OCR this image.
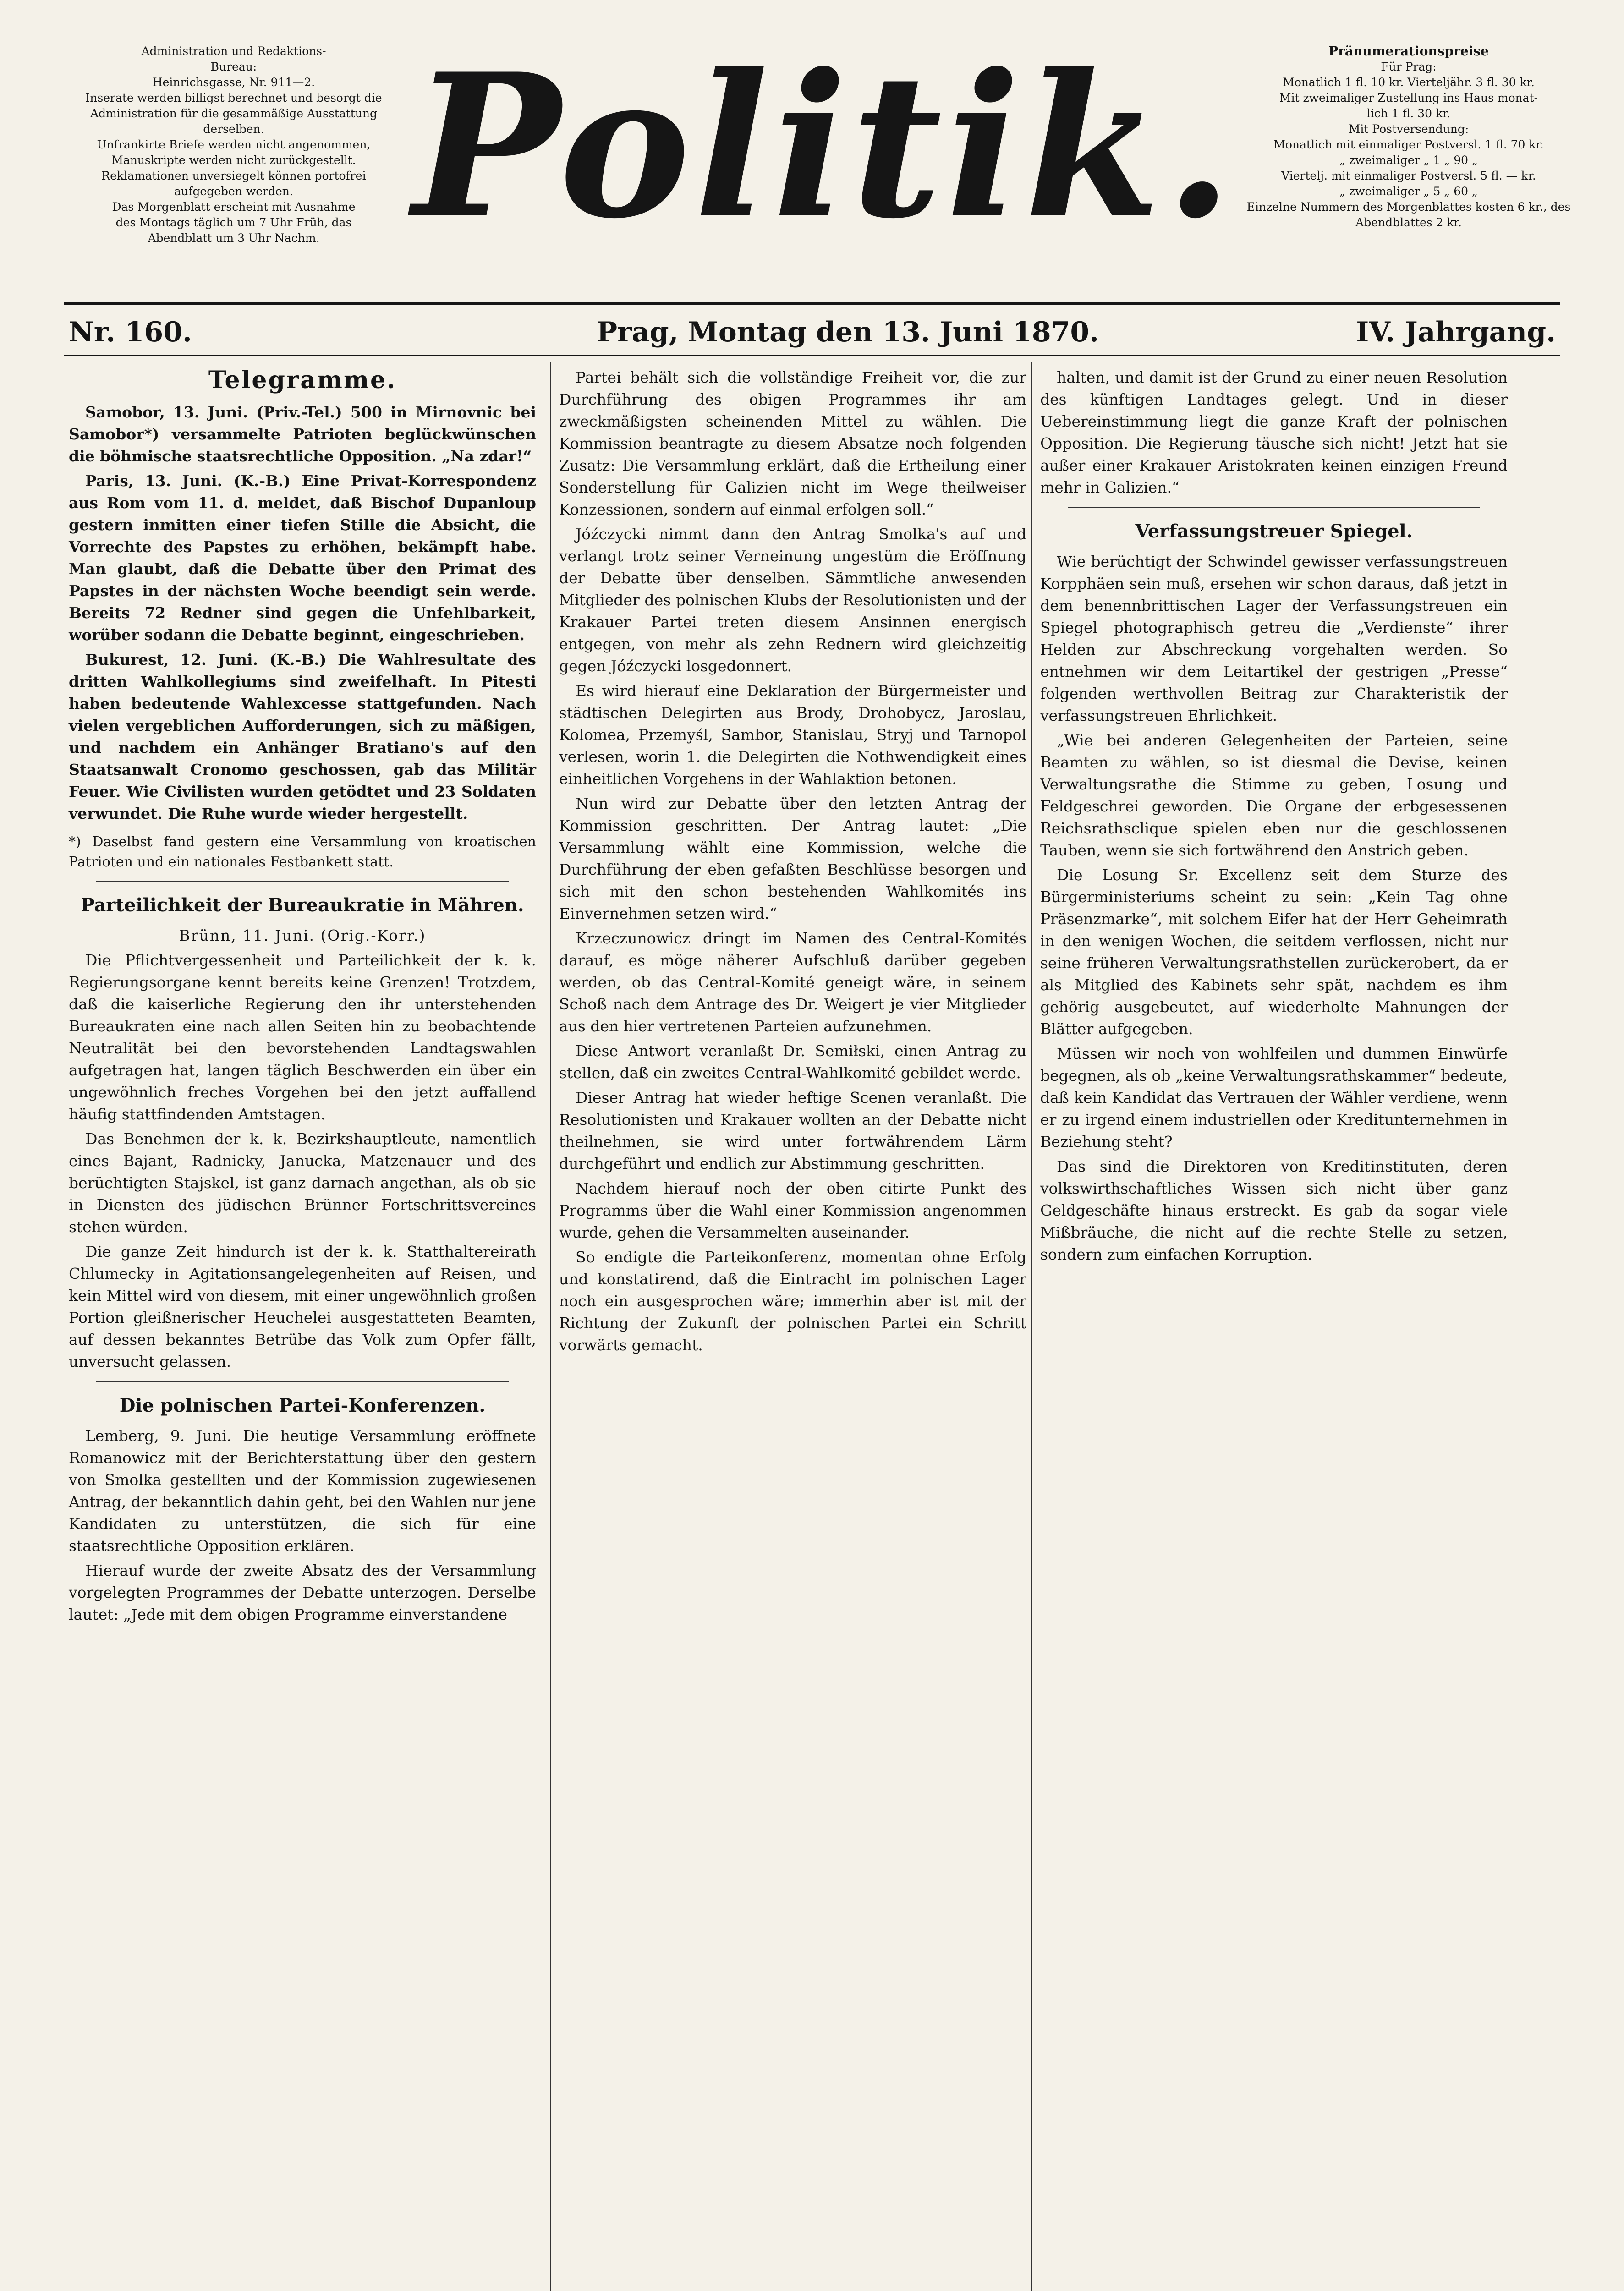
Administration und Redaktions-
Bureau:
Heinrichsgasse, Nr. 911—2.
Inserate werden billigst berechnet und besorgt die
Administration für die gesammäßige Ausstattung derselben.
Unfrankirte Briefe werden nicht angenommen,
Manuskripte werden nicht zurückgestellt.
Reklamationen unversiegelt können portofrei
aufgegeben werden.
Das Morgenblatt erscheint mit Ausnahme
des Montags täglich um 7 Uhr Früh, das
Abendblatt um 3 Uhr Nachm. Politik.	Pränumerationspreise
Für Prag:
Monatlich 1 fl. 10 kr. Vierteljähr. 3 fl. 30 kr.
Mit zweimaliger Zustellung ins Haus monat-
lich 1 fl. 30 kr.
Mit Postversendung:
Monatlich mit einmaliger Postversl. 1 fl. 70 kr.
„ zweimaliger „ 1 „ 90 „
Viertelj. mit einmaliger Postversl. 5 fl. — kr.
„ zweimaliger „ 5 „ 60 „
Einzelne Nummern des Morgenblattes kosten 6 kr., des Abendblattes 2 kr.
Nr. 160.	Prag, Montag den 13. Juni 1870.	IV. Jahrgang.
Telegramme.

Samobor, 13. Juni. (Priv.-Tel.) 500 in Mirnovnic bei Samobor*) versammelte Patrioten beglückwünschen die böhmische staatsrechtliche Opposition. „Na zdar!“

Paris, 13. Juni. (K.-B.) Eine Privat-Korrespondenz aus Rom vom 11. d. meldet, daß Bischof Dupanloup gestern inmitten einer tiefen Stille die Absicht, die Vorrechte des Papstes zu erhöhen, bekämpft habe. Man glaubt, daß die Debatte über den Primat des Papstes in der nächsten Woche beendigt sein werde. Bereits 72 Redner sind gegen die Unfehlbarkeit, worüber sodann die Debatte beginnt, eingeschrieben.

Bukurest, 12. Juni. (K.-B.) Die Wahlresultate des dritten Wahlkollegiums sind zweifelhaft. In Pitesti haben bedeutende Wahlexcesse stattgefunden. Nach vielen vergeblichen Aufforderungen, sich zu mäßigen, und nachdem ein Anhänger Bratiano's auf den Staatsanwalt Cronomo geschossen, gab das Militär Feuer. Wie Civilisten wurden getödtet und 23 Soldaten verwundet. Die Ruhe wurde wieder hergestellt.

*) Daselbst fand gestern eine Versammlung von kroatischen Patrioten und ein nationales Festbankett statt.
Parteilichkeit der Bureaukratie in Mähren.
Brünn, 11. Juni. (Orig.-Korr.)

Die Pflichtvergessenheit und Parteilichkeit der k. k. Regierungsorgane kennt bereits keine Grenzen! Trotzdem, daß die kaiserliche Regierung den ihr unterstehenden Bureaukraten eine nach allen Seiten hin zu beobachtende Neutralität bei den bevorstehenden Landtagswahlen aufgetragen hat, langen täglich Beschwerden ein über ein ungewöhnlich freches Vorgehen bei den jetzt auffallend häufig stattfindenden Amtstagen.

Das Benehmen der k. k. Bezirkshauptleute, namentlich eines Bajant, Radnicky, Janucka, Matzenauer und des berüchtigten Stajskel, ist ganz darnach angethan, als ob sie in Diensten des jüdischen Brünner Fortschrittsvereines stehen würden.

Die ganze Zeit hindurch ist der k. k. Statthaltereirath Chlumecky in Agitationsangelegenheiten auf Reisen, und kein Mittel wird von diesem, mit einer ungewöhnlich großen Portion gleißnerischer Heuchelei ausgestatteten Beamten, auf dessen bekanntes Betrübe das Volk zum Opfer fällt, unversucht gelassen.

Die polnischen Partei-Konferenzen.

Lemberg, 9. Juni. Die heutige Versammlung eröffnete Romanowicz mit der Berichterstattung über den gestern von Smolka gestellten und der Kommission zugewiesenen Antrag, der bekanntlich dahin geht, bei den Wahlen nur jene Kandidaten zu unterstützen, die sich für eine staatsrechtliche Opposition erklären.

Hierauf wurde der zweite Absatz des der Versammlung vorgelegten Programmes der Debatte unterzogen. Derselbe lautet: „Jede mit dem obigen Programme einverstandene

Partei behält sich die vollständige Freiheit vor, die zur Durchführung des obigen Programmes ihr am zweckmäßigsten scheinenden Mittel zu wählen. Die Kommission beantragte zu diesem Absatze noch folgenden Zusatz: Die Versammlung erklärt, daß die Ertheilung einer Sonderstellung für Galizien nicht im Wege theilweiser Konzessionen, sondern auf einmal erfolgen soll.“

Jóźczycki nimmt dann den Antrag Smolka's auf und verlangt trotz seiner Verneinung ungestüm die Eröffnung der Debatte über denselben. Sämmtliche anwesenden Mitglieder des polnischen Klubs der Resolutionisten und der Krakauer Partei treten diesem Ansinnen energisch entgegen, von mehr als zehn Rednern wird gleichzeitig gegen Jóźczycki losgedonnert.

Es wird hierauf eine Deklaration der Bürgermeister und städtischen Delegirten aus Brody, Drohobycz, Jaroslau, Kolomea, Przemyśl, Sambor, Stanislau, Stryj und Tarnopol verlesen, worin 1. die Delegirten die Nothwendigkeit eines einheitlichen Vorgehens in der Wahlaktion betonen.

Nun wird zur Debatte über den letzten Antrag der Kommission geschritten. Der Antrag lautet: „Die Versammlung wählt eine Kommission, welche die Durchführung der eben gefaßten Beschlüsse besorgen und sich mit den schon bestehenden Wahlkomités ins Einvernehmen setzen wird.“

Krzeczunowicz dringt im Namen des Central-Komités darauf, es möge näherer Aufschluß darüber gegeben werden, ob das Central-Komité geneigt wäre, in seinem Schoß nach dem Antrage des Dr. Weigert je vier Mitglieder aus den hier vertretenen Parteien aufzunehmen.

Diese Antwort veranlaßt Dr. Semiłski, einen Antrag zu stellen, daß ein zweites Central-Wahlkomité gebildet werde.

Dieser Antrag hat wieder heftige Scenen veranlaßt. Die Resolutionisten und Krakauer wollten an der Debatte nicht theilnehmen, sie wird unter fortwährendem Lärm durchgeführt und endlich zur Abstimmung geschritten.

Nachdem hierauf noch der oben citirte Punkt des Programms über die Wahl einer Kommission angenommen wurde, gehen die Versammelten auseinander.

So endigte die Parteikonferenz, momentan ohne Erfolg und konstatirend, daß die Eintracht im polnischen Lager noch ein ausgesprochen wäre; immerhin aber ist mit der Richtung der Zukunft der polnischen Partei ein Schritt vorwärts gemacht.

halten, und damit ist der Grund zu einer neuen Resolution des künftigen Landtages gelegt. Und in dieser Uebereinstimmung liegt die ganze Kraft der polnischen Opposition. Die Regierung täusche sich nicht! Jetzt hat sie außer einer Krakauer Aristokraten keinen einzigen Freund mehr in Galizien.“

Verfassungstreuer Spiegel.

Wie berüchtigt der Schwindel gewisser verfassungstreuen Korpphäen sein muß, ersehen wir schon daraus, daß jetzt in dem benennbrittischen Lager der Verfassungstreuen ein Spiegel photographisch getreu die „Verdienste“ ihrer Helden zur Abschreckung vorgehalten werden. So entnehmen wir dem Leitartikel der gestrigen „Presse“ folgenden werthvollen Beitrag zur Charakteristik der verfassungstreuen Ehrlichkeit.

„Wie bei anderen Gelegenheiten der Parteien, seine Beamten zu wählen, so ist diesmal die Devise, keinen Verwaltungsrathe die Stimme zu geben, Losung und Feldgeschrei geworden. Die Organe der erbgesessenen Reichsrathsclique spielen eben nur die geschlossenen Tauben, wenn sie sich fortwährend den Anstrich geben.

Die Losung Sr. Excellenz seit dem Sturze des Bürgerministeriums scheint zu sein: „Kein Tag ohne Präsenzmarke“, mit solchem Eifer hat der Herr Geheimrath in den wenigen Wochen, die seitdem verflossen, nicht nur seine früheren Verwaltungsrathstellen zurückerobert, da er als Mitglied des Kabinets sehr spät, nachdem es ihm gehörig ausgebeutet, auf wiederholte Mahnungen der Blätter aufgegeben.

Müssen wir noch von wohlfeilen und dummen Einwürfe begegnen, als ob „keine Verwaltungsrathskammer“ bedeute, daß kein Kandidat das Vertrauen der Wähler verdiene, wenn er zu irgend einem industriellen oder Kreditunternehmen in Beziehung steht?

Das sind die Direktoren von Kreditinstituten, deren volkswirthschaftliches Wissen sich nicht über ganz Geldgeschäfte hinaus erstreckt. Es gab da sogar viele Mißbräuche, die nicht auf die rechte Stelle zu setzen, sondern zum einfachen Korruption.
